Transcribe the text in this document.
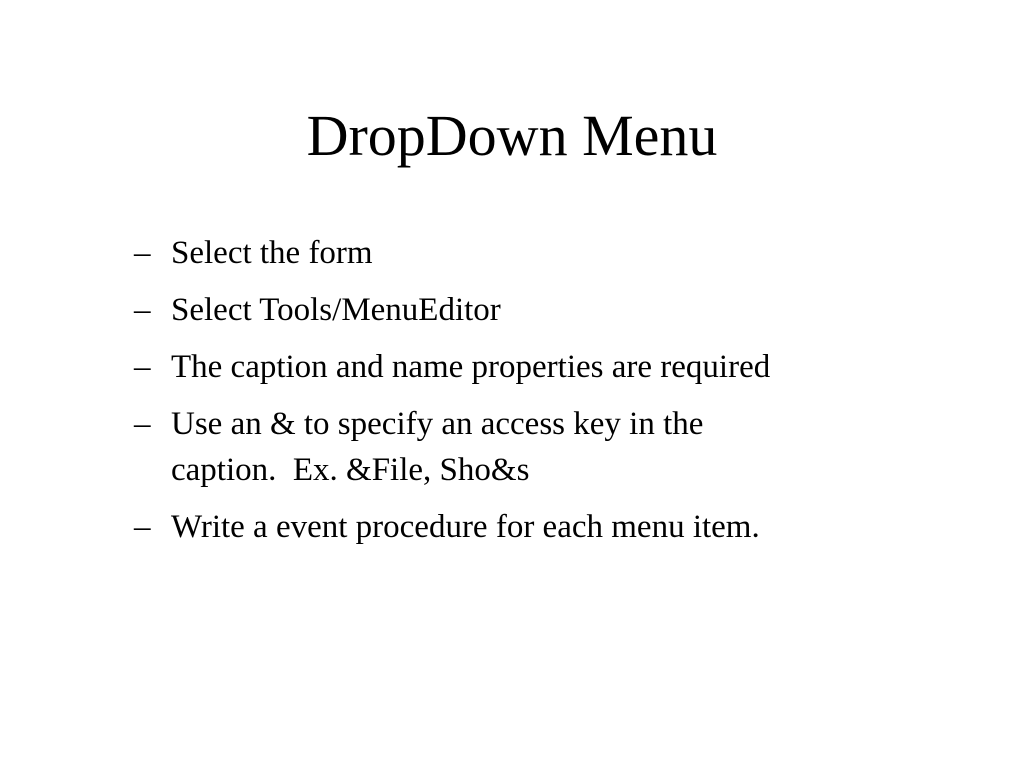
DropDown Menu
– Select the form
– Select Tools/MenuEditor
– The caption and name properties are required
– Use an & to specify an access key in the
caption.  Ex. &File, Sho&s
– Write a event procedure for each menu item.
